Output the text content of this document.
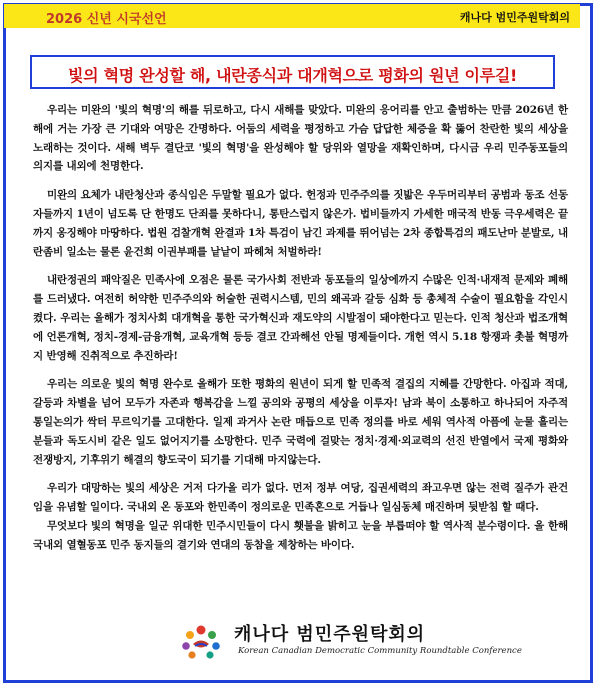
2026 신년 시국선언	캐나다 범민주원탁회의
빛의 혁명 완성할 해, 내란종식과 대개혁으로 평화의 원년 이루길!

우리는 미완의 '빛의 혁명'의 해를 뒤로하고, 다시 새해를 맞았다. 미완의 응어리를 안고 출범하는 만큼 2026년 한해에 거는 가장 큰 기대와 여망은 간명하다. 어둠의 세력을 평정하고 가슴 답답한 체증을 확 뚫어 찬란한 빛의 세상을 노래하는 것이다. 새해 벽두 결단코 '빛의 혁명'을 완성해야 할 당위와 열망을 재확인하며, 다시금 우리 민주동포들의 의지를 내외에 천명한다.

미완의 요체가 내란청산과 종식임은 두말할 필요가 없다. 헌정과 민주주의를 짓밟은 우두머리부터 공범과 동조 선동자들까지 1년이 넘도록 단 한명도 단죄를 못하다니, 통탄스럽지 않은가. 법비들까지 가세한 매국적 반동 극우세력은 끝까지 옹징해야 마땅하다. 법원 검찰개혁 완결과 1차 특검이 남긴 과제를 뛰어넘는 2차 종합특검의 패도난마 분발로, 내란좀비 일소는 물론 윤건희 이권부패를 낱낱이 파헤쳐 처벌하라!

내란정권의 패악질은 민족사에 오점은 물론 국가사회 전반과 동포들의 일상에까지 수많은 인적·내재적 문제와 폐해를 드러냈다. 여전히 허약한 민주주의와 허술한 권력시스템, 민의 왜곡과 갈등 심화 등 총체적 수술이 필요함을 각인시켰다. 우리는 올해가 정치사회 대개혁을 통한 국가혁신과 재도약의 시발점이 돼야한다고 믿는다. 인적 청산과 법조개혁에 언론개혁, 정치-경제-금융개혁, 교육개혁 등등 결코 간과해선 안될 명제들이다. 개헌 역시 5.18 항쟁과 촛불 혁명까지 반영해 진취적으로 추진하라!

우리는 의로운 빛의 혁명 완수로 올해가 또한 평화의 원년이 되게 할 민족적 결집의 지혜를 간망한다. 아집과 적대, 갈등과 차별을 넘어 모두가 자존과 행복감을 느낄 공의와 공평의 세상을 이루자! 남과 북이 소통하고 하나되어 자주적 통일논의가 싹터 무르익기를 고대한다. 일제 과거사 논란 매듭으로 민족 정의를 바로 세워 역사적 아픔에 눈물 흘리는 분들과 독도시비 같은 일도 없어지기를 소망한다. 민주 국력에 걸맞는 정치·경제·외교력의 선진 반열에서 국제 평화와 전쟁방지, 기후위기 해결의 향도국이 되기를 기대해 마지않는다.

우리가 대망하는 빛의 세상은 거저 다가올 리가 없다. 먼저 정부 여당, 집권세력의 좌고우면 않는 전력 질주가 관건임을 유념할 일이다. 국내외 온 동포와 한민족이 정의로운 민족혼으로 거듭나 일심동체 매진하며 뒷받침 할 때다.

무엇보다 빛의 혁명을 일군 위대한 민주시민들이 다시 횃불을 밝히고 눈을 부릅떠야 할 역사적 분수령이다. 올 한해 국내외 열혈동포 민주 동지들의 결기와 연대의 동참을 제창하는 바이다.

캐나다 범민주원탁회의
Korean Canadian Democratic Community Roundtable Conference
